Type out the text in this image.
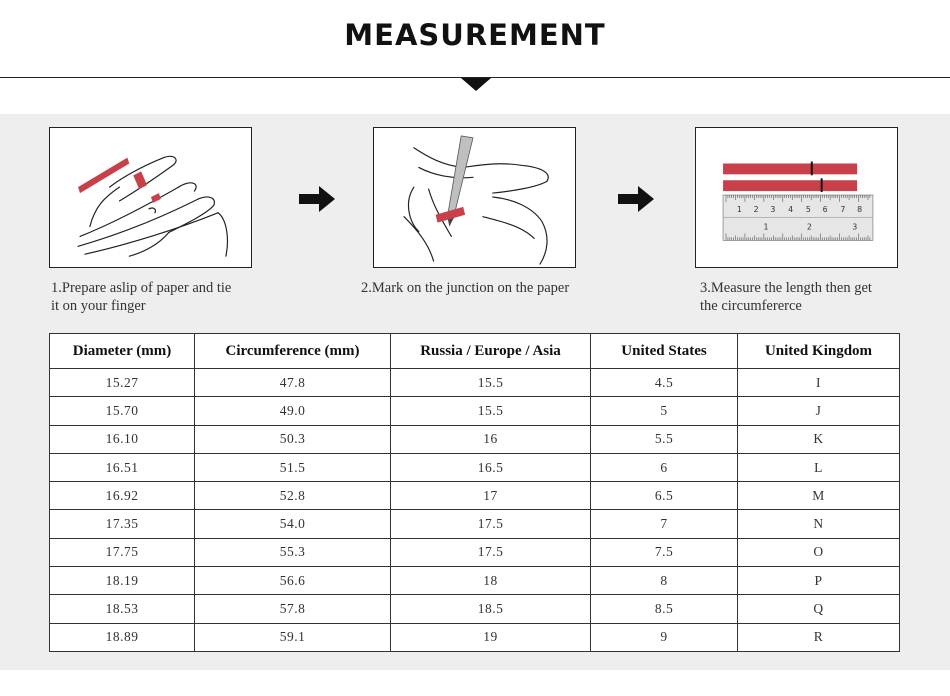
MEASUREMENT
1 2 3 4 5 6 7 8
1	2	3
1.Prepare aslip of paper and tie
it on your finger
2.Mark on the junction on the paper	3.Measure the length then get
the circumfererce
Diameter (mm)	Circumference (mm)	Russia / Europe / Asia	United States	United Kingdom
15.27	47.8	15.5	4.5	I
15.70	49.0	15.5	5	J
16.10	50.3	16	5.5	K
16.51	51.5	16.5	6	L
16.92	52.8	17	6.5	M
17.35	54.0	17.5	7	N
17.75	55.3	17.5	7.5	O
18.19	56.6	18	8	P
18.53	57.8	18.5	8.5	Q
18.89	59.1	19	9	R
